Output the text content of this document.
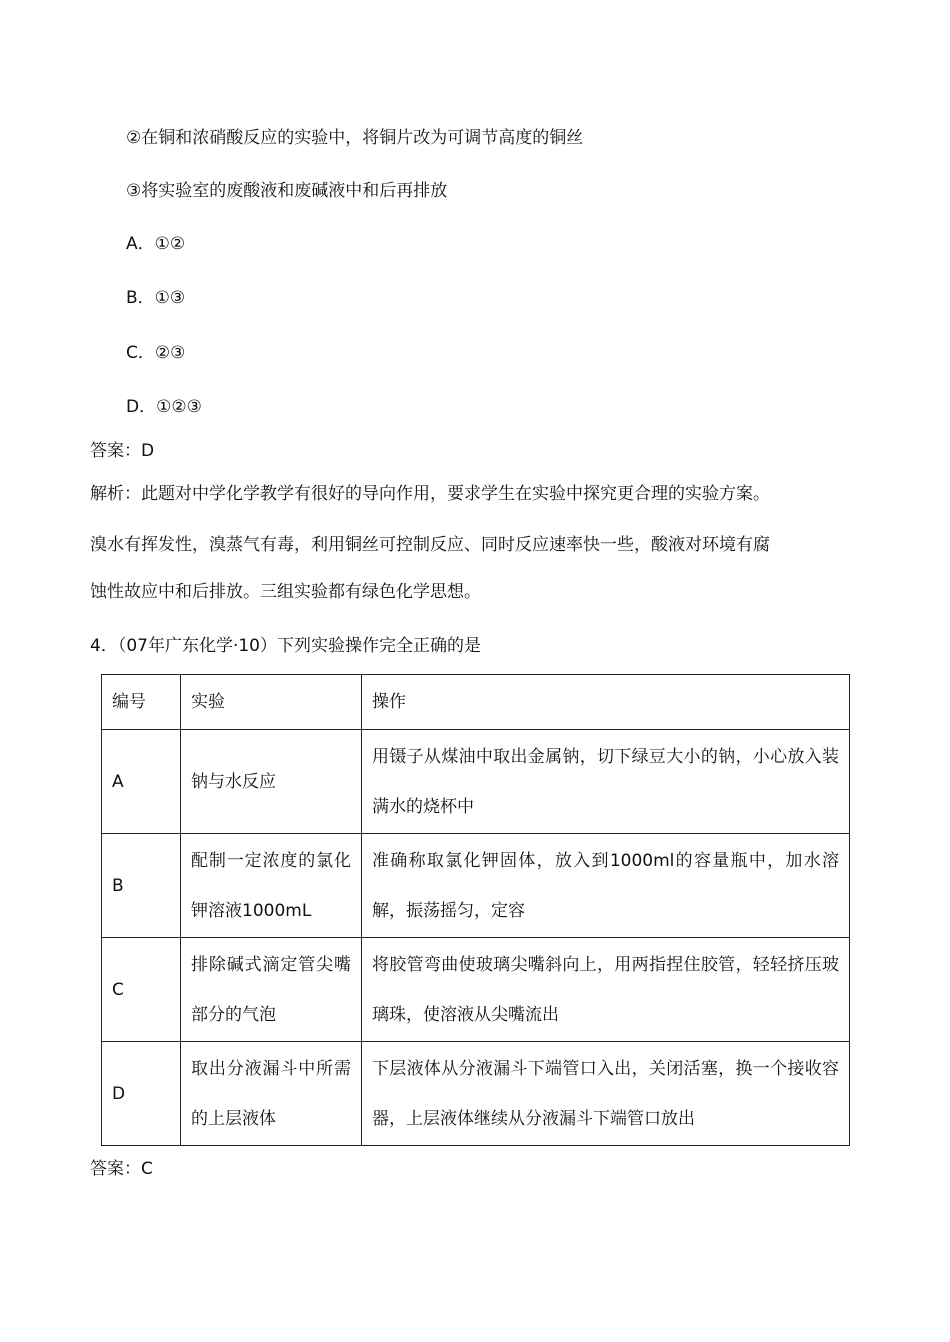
②在铜和浓硝酸反应的实验中，将铜片改为可调节高度的铜丝
③将实验室的废酸液和废碱液中和后再排放
A．①②
B．①③
C．②③
D．①②③
答案：D
解析：此题对中学化学教学有很好的导向作用，要求学生在实验中探究更合理的实验方案。
溴水有挥发性，溴蒸气有毒，利用铜丝可控制反应、同时反应速率快一些，酸液对环境有腐
蚀性故应中和后排放。三组实验都有绿色化学思想。
4．（07年广东化学·10）下列实验操作完全正确的是
编号	实验	操作
A	钠与水反应	用镊子从煤油中取出金属钠，切下绿豆大小的钠，小心放入装满水的烧杯中

B	配制一定浓度的氯化钾溶液1000mL	准确称取氯化钾固体，放入到1000ml的容量瓶中，加水溶解，振荡摇匀，定容

C	排除碱式滴定管尖嘴部分的气泡	将胶管弯曲使玻璃尖嘴斜向上，用两指捏住胶管，轻轻挤压玻璃珠，使溶液从尖嘴流出

D	取出分液漏斗中所需的上层液体	下层液体从分液漏斗下端管口入出，关闭活塞，换一个接收容器，上层液体继续从分液漏斗下端管口放出
答案：C
